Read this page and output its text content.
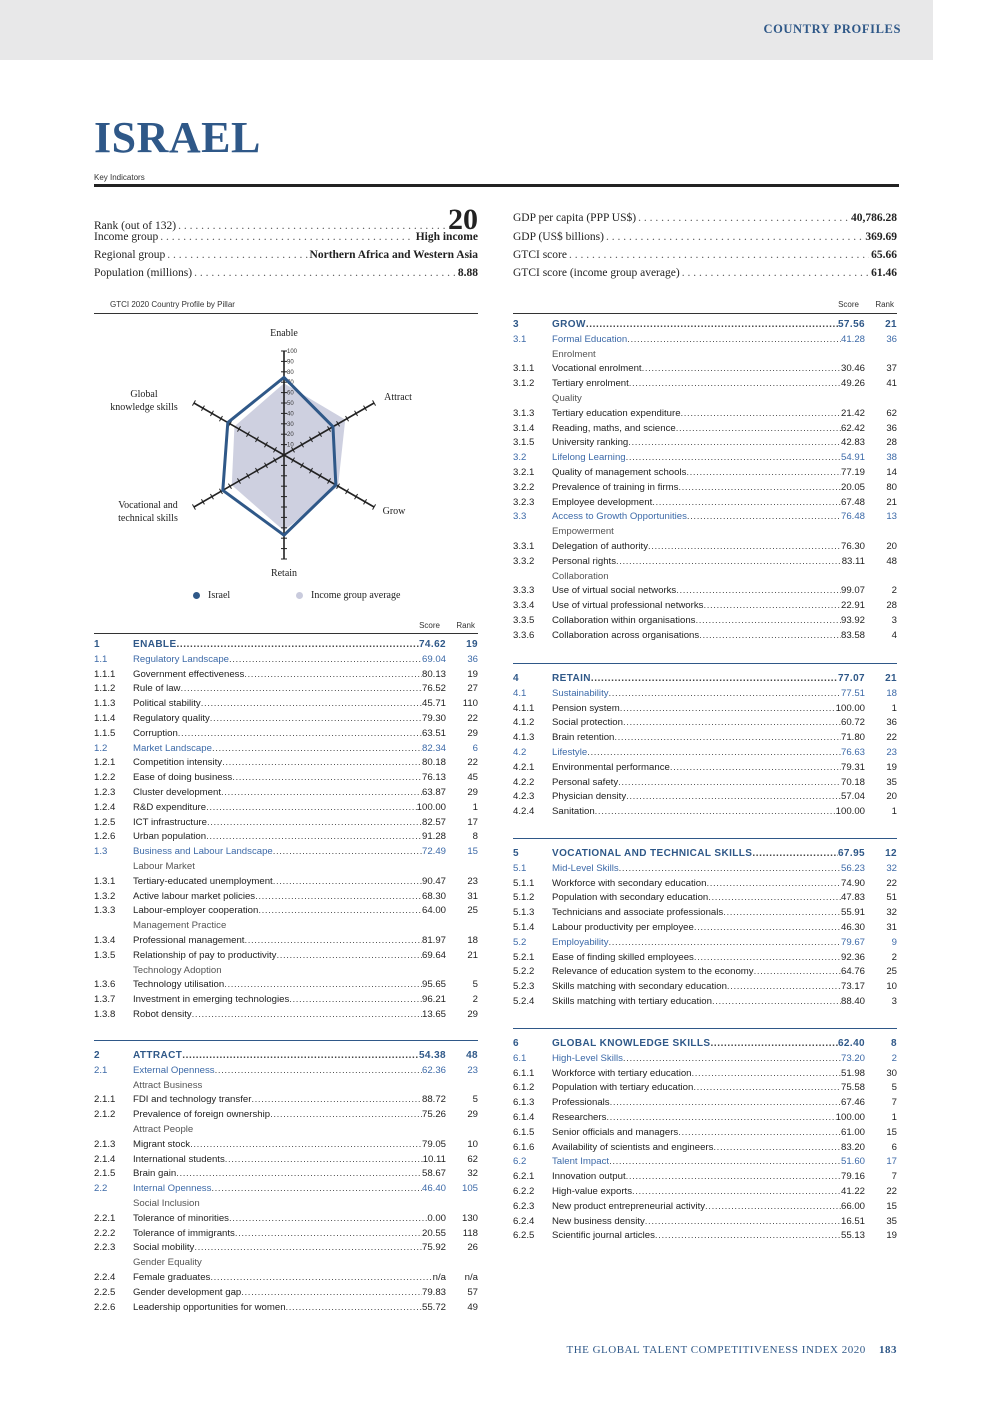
COUNTRY PROFILES
ISRAEL
Key Indicators
Rank (out of 132) . . .	20
Income group . . .	High income
Regional group . . .	Northern Africa and Western Asia
Population (millions) . . .	8.88
GDP per capita (PPP US$) . . .	40,786.28
GDP (US$ billions) . . .	369.69
GTCI score . . .	65.66
GTCI score (income group average) . . .	61.46
GTCI 2020 Country Profile by Pillar
10
20
30
40
50
60
70
80
90
100
Enable
Attract
Grow
Retain
Vocational and
technical skills
Global
knowledge skills
Israel	Income group average
Score Rank
Score Rank
1	ENABLE .....	74.62 19
1.1	Regulatory Landscape .....	69.04 36
1.1.1 Government effectiveness .....	80.13 19
1.1.2 Rule of law .....	76.52 27
1.1.3 Political stability .....	45.71 110
1.1.4 Regulatory quality .....	79.30 22
1.1.5 Corruption .....	63.51 29
1.2	Market Landscape .....	82.34	6
1.2.1 Competition intensity .....	80.18 22
1.2.2 Ease of doing business .....	76.13 45
1.2.3 Cluster development .....	63.87 29
1.2.4 R&D expenditure .....	100.00	1
1.2.5 ICT infrastructure .....	82.57 17
1.2.6 Urban population .....	91.28	8
1.3	Business and Labour Landscape .....	72.49 15
Labour Market
1.3.1 Tertiary-educated unemployment .....	90.47 23
1.3.2 Active labour market policies .....	68.30 31
1.3.3 Labour-employer cooperation .....	64.00 25
Management Practice
1.3.4 Professional management .....	81.97 18
1.3.5 Relationship of pay to productivity .....	69.64 21
Technology Adoption
1.3.6 Technology utilisation .....	95.65	5
1.3.7 Investment in emerging technologies .....	96.21	2
1.3.8 Robot density .....	13.65 29
2	ATTRACT .....	54.38 48
2.1	External Openness .....	62.36 23
Attract Business
2.1.1 FDI and technology transfer .....	88.72	5
2.1.2 Prevalence of foreign ownership .....	75.26 29
Attract People
2.1.3 Migrant stock .....	79.05 10
2.1.4 International students .....	10.11 62
2.1.5 Brain gain .....	58.67 32
2.2	Internal Openness .....	46.40 105
Social Inclusion
2.2.1 Tolerance of minorities .....	0.00 130
2.2.2 Tolerance of immigrants .....	20.55 118
2.2.3 Social mobility .....	75.92 26
Gender Equality
2.2.4 Female graduates .....	n/a n/a
2.2.5 Gender development gap .....	79.83 57
2.2.6 Leadership opportunities for women .....	55.72 49
3	GROW .....	57.56 21
3.1	Formal Education .....	41.28 36
Enrolment
3.1.1 Vocational enrolment .....	30.46 37
3.1.2 Tertiary enrolment .....	49.26 41
Quality
3.1.3 Tertiary education expenditure .....	21.42 62
3.1.4 Reading, maths, and science .....	62.42 36
3.1.5 University ranking .....	42.83 28
3.2	Lifelong Learning .....	54.91 38
3.2.1 Quality of management schools .....	77.19 14
3.2.2 Prevalence of training in firms .....	20.05 80
3.2.3 Employee development .....	67.48 21
3.3	Access to Growth Opportunities .....	76.48 13
Empowerment
3.3.1 Delegation of authority .....	76.30 20
3.3.2 Personal rights .....	83.11 48
Collaboration
3.3.3 Use of virtual social networks .....	99.07	2
3.3.4 Use of virtual professional networks .....	22.91 28
3.3.5 Collaboration within organisations .....	93.92	3
3.3.6 Collaboration across organisations .....	83.58	4
4	RETAIN .....	77.07 21
4.1	Sustainability .....	77.51 18
4.1.1 Pension system .....	100.00	1
4.1.2 Social protection .....	60.72 36
4.1.3 Brain retention .....	71.80 22
4.2	Lifestyle .....	76.63 23
4.2.1 Environmental performance .....	79.31 19
4.2.2 Personal safety .....	70.18 35
4.2.3 Physician density .....	57.04 20
4.2.4 Sanitation .....	100.00	1
5	VOCATIONAL AND TECHNICAL SKILLS .....	67.95 12
5.1	Mid-Level Skills .....	56.23 32
5.1.1 Workforce with secondary education .....	74.90 22
5.1.2 Population with secondary education .....	47.83 51
5.1.3 Technicians and associate professionals .....	55.91 32
5.1.4 Labour productivity per employee .....	46.30 31
5.2	Employability .....	79.67	9
5.2.1 Ease of finding skilled employees .....	92.36	2
5.2.2 Relevance of education system to the economy .....	64.76 25
5.2.3 Skills matching with secondary education .....	73.17 10
5.2.4 Skills matching with tertiary education .....	88.40	3
6	GLOBAL KNOWLEDGE SKILLS .....	62.40	8
6.1	High-Level Skills .....	73.20	2
6.1.1 Workforce with tertiary education .....	51.98 30
6.1.2 Population with tertiary education .....	75.58	5
6.1.3 Professionals .....	67.46	7
6.1.4 Researchers .....	100.00	1
6.1.5 Senior officials and managers .....	61.00 15
6.1.6 Availability of scientists and engineers .....	83.20	6
6.2	Talent Impact .....	51.60 17
6.2.1 Innovation output .....	79.16	7
6.2.2 High-value exports .....	41.22 22
6.2.3 New product entrepreneurial activity .....	66.00 15
6.2.4 New business density .....	16.51 35
6.2.5 Scientific journal articles .....	55.13 19
THE GLOBAL TALENT COMPETITIVENESS INDEX 2020 183
